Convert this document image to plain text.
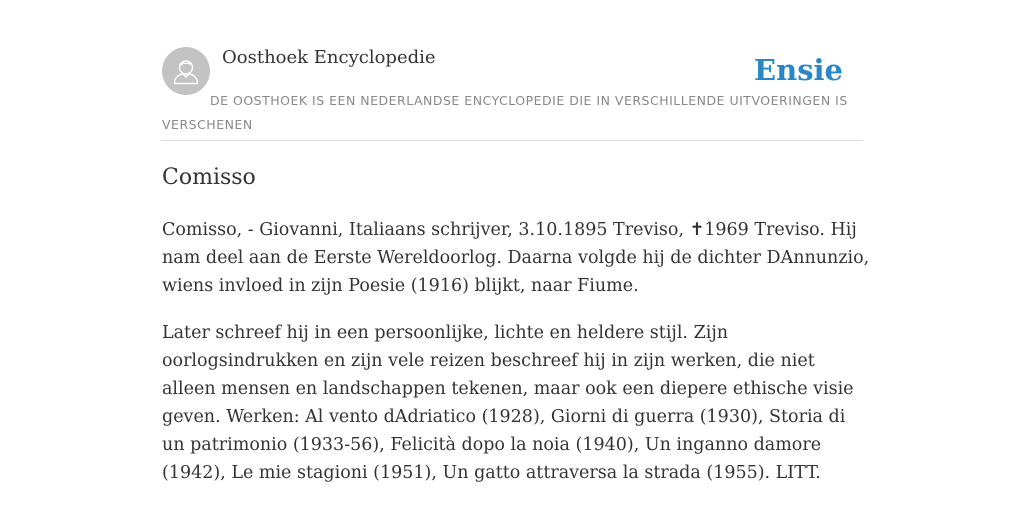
Oosthoek Encyclopedie	Ensie
DE OOSTHOEK IS EEN NEDERLANDSE ENCYCLOPEDIE DIE IN VERSCHILLENDE UITVOERINGEN IS VERSCHENEN
Comisso

Comisso, - Giovanni, Italiaans schrijver, 3.10.1895 Treviso, ✝1969 Treviso. Hij nam deel aan de Eerste Wereldoorlog. Daarna volgde hij de dichter DAnnunzio, wiens invloed in zijn Poesie (1916) blijkt, naar Fiume.

Later schreef hij in een persoonlijke, lichte en heldere stijl. Zijn oorlogsindrukken en zijn vele reizen beschreef hij in zijn werken, die niet alleen mensen en landschappen tekenen, maar ook een diepere ethische visie geven. Werken: Al vento dAdriatico (1928), Giorni di guerra (1930), Storia di un patrimonio (1933-56), Felicità dopo la noia (1940), Un inganno damore (1942), Le mie stagioni (1951), Un gatto attraversa la strada (1955). LITT.
